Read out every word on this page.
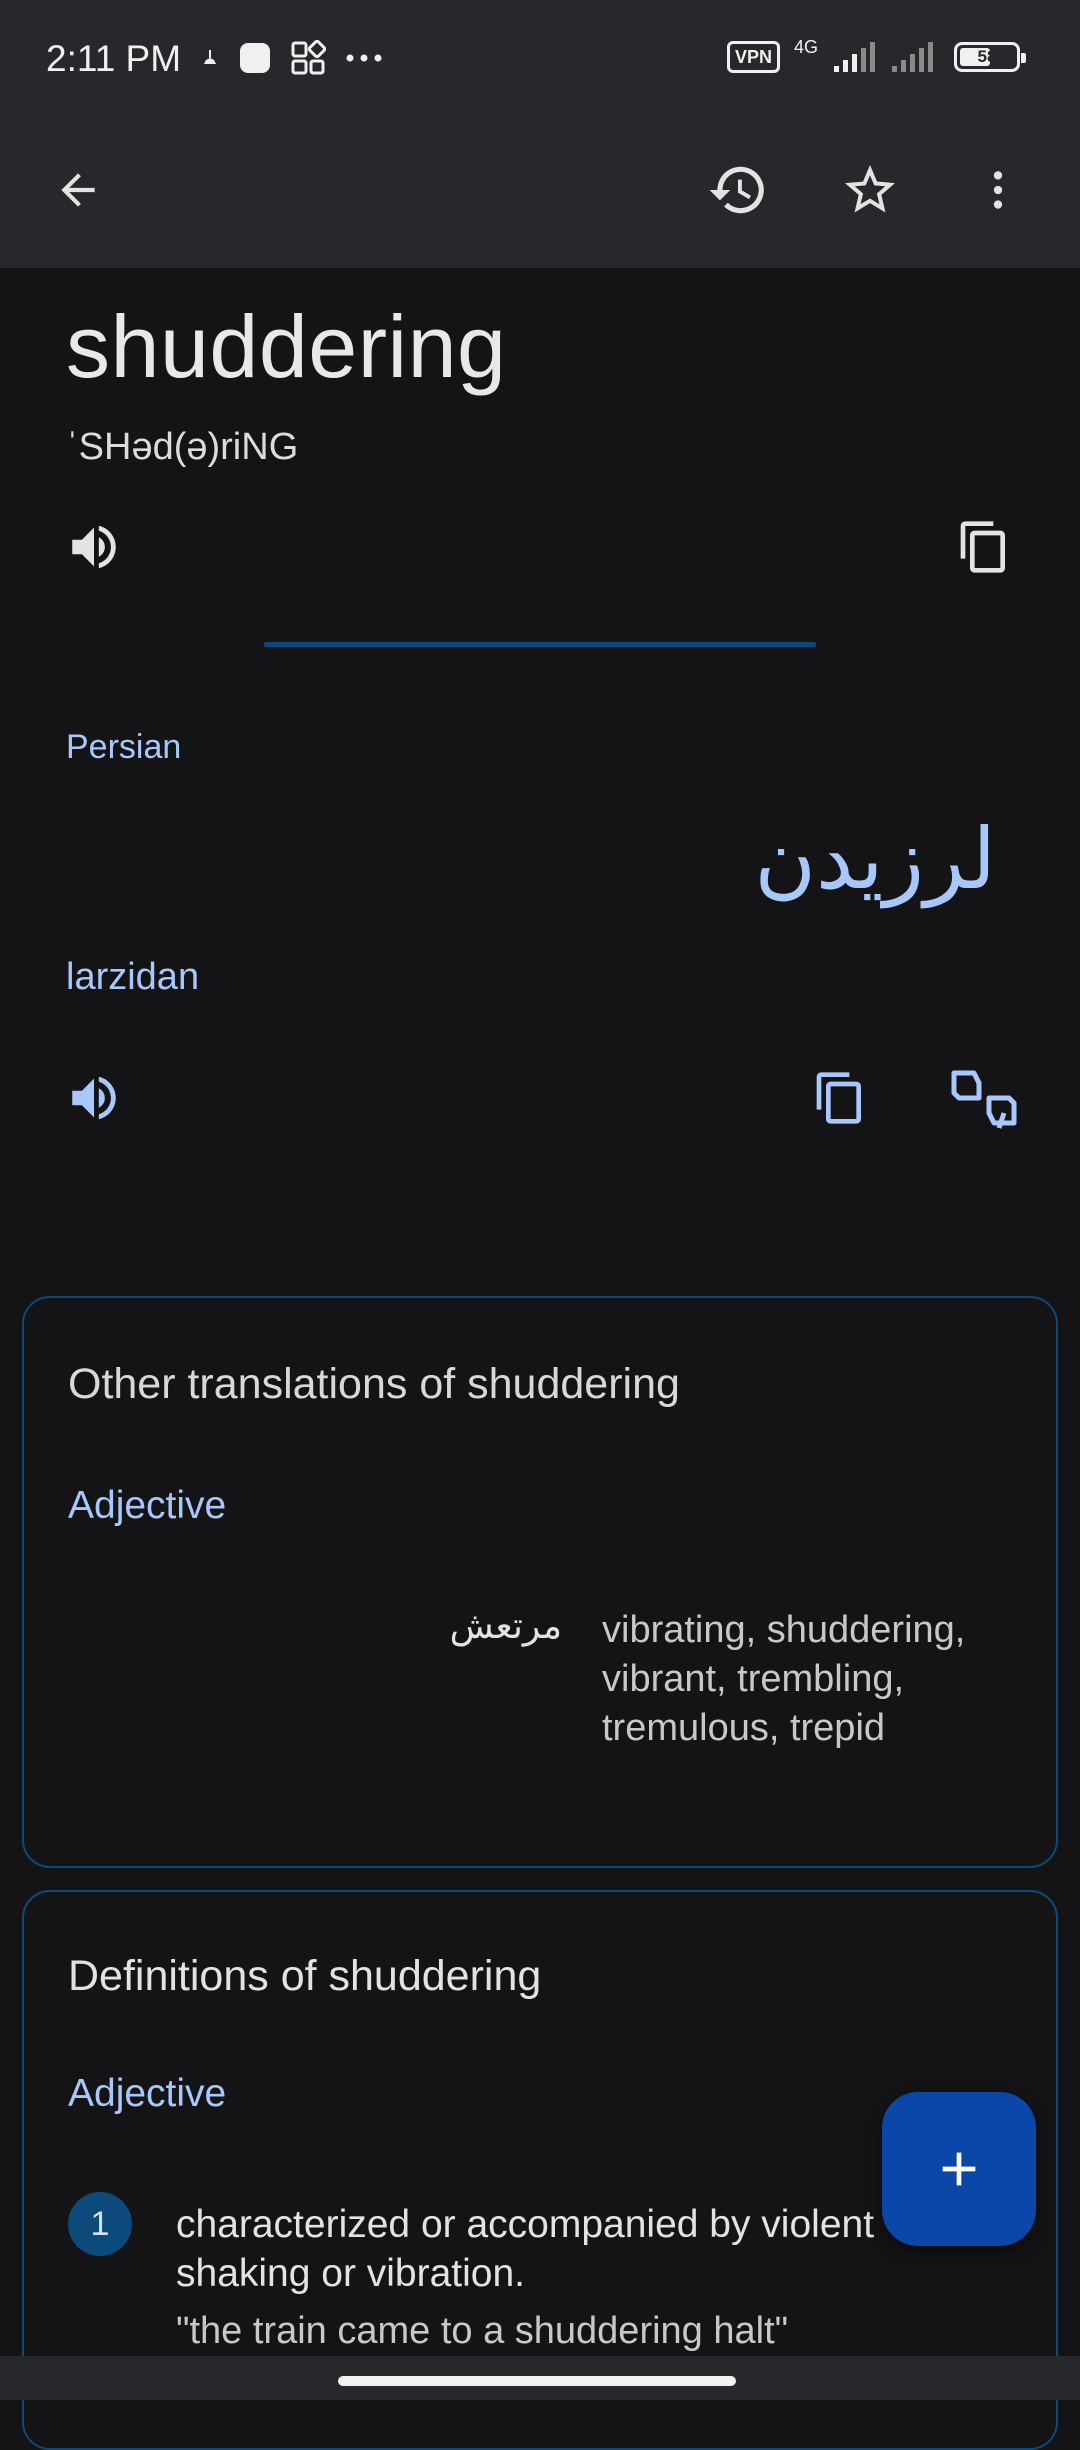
2:11 PM	VPN
4G	58
shuddering
ˈSHəd(ə)riNG
Persian
لرزیدن
larzidan
Other translations of shuddering
Adjective
مرتعش vibrating, shuddering, vibrant, trembling, tremulous, trepid
Definitions of shuddering
Adjective
1	characterized or accompanied by violent shaking or vibration.
"the train came to a shuddering halt"
